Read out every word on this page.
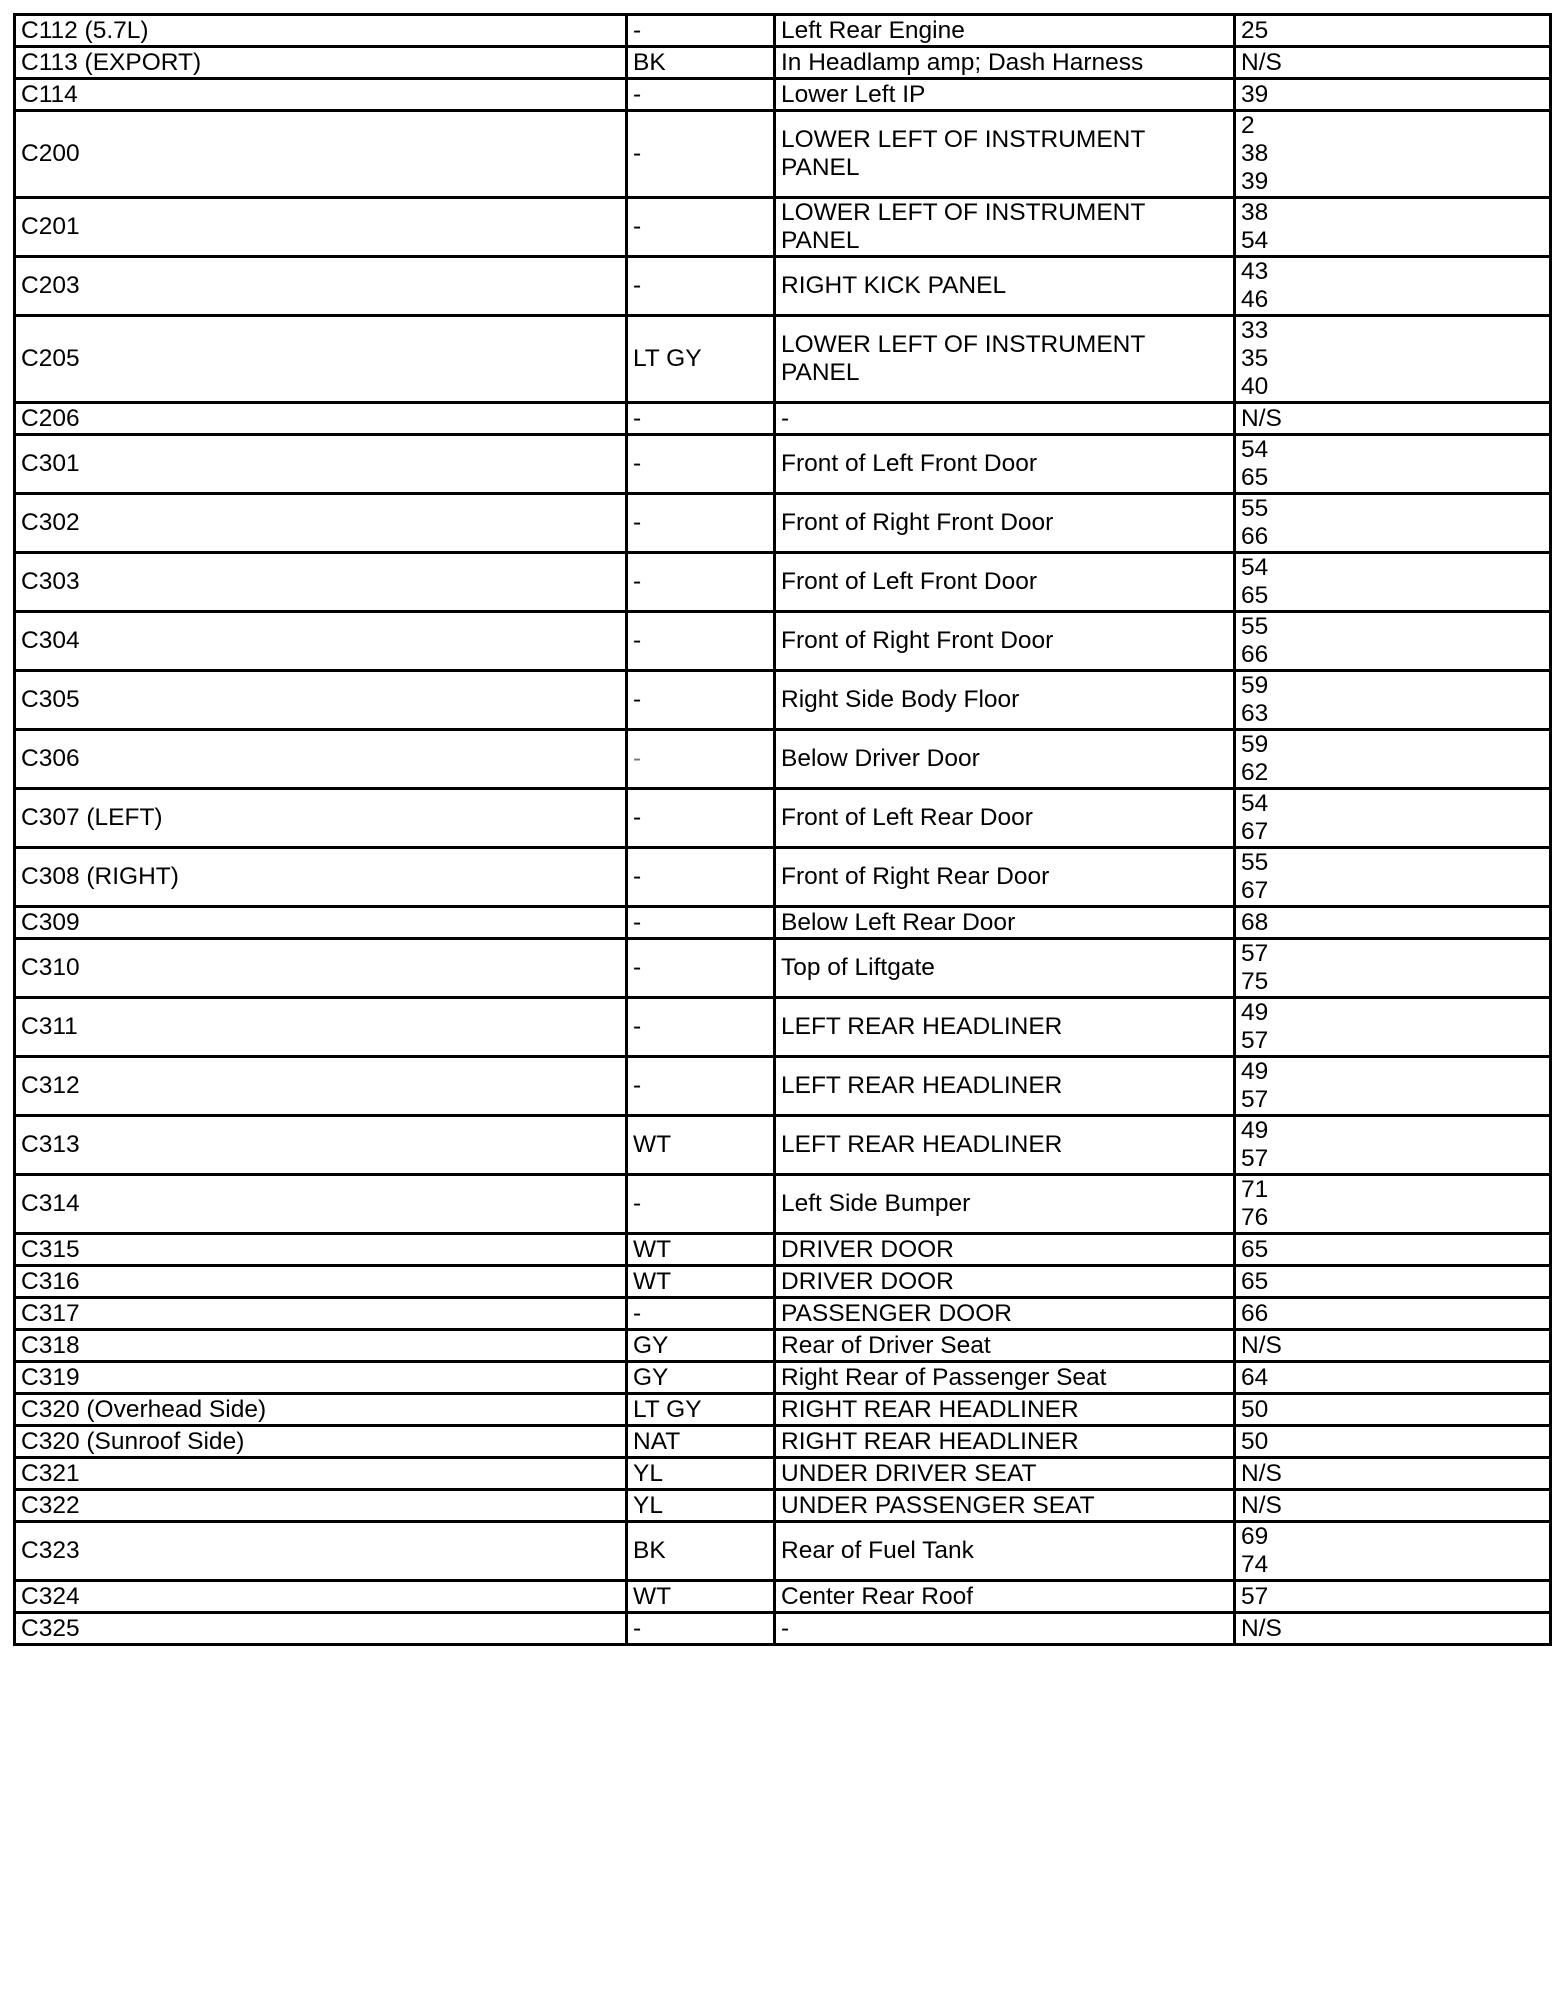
C112 (5.7L)	-	Left Rear Engine	25
C113 (EXPORT)	BK	In Headlamp amp; Dash Harness	N/S
C114	-	Lower Left IP	39
C200	-	LOWER LEFT OF INSTRUMENT PANEL	2
38
39
C201	-	LOWER LEFT OF INSTRUMENT PANEL	38
54
C203	-	RIGHT KICK PANEL	43
46
C205	LT GY	LOWER LEFT OF INSTRUMENT PANEL	33
35
40
C206	-	-	N/S
C301	-	Front of Left Front Door	54
65
C302	-	Front of Right Front Door	55
66
C303	-	Front of Left Front Door	54
65
C304	-	Front of Right Front Door	55
66
C305	-	Right Side Body Floor	59
63
C306	-	Below Driver Door	59
62
C307 (LEFT)	-	Front of Left Rear Door	54
67
C308 (RIGHT)	-	Front of Right Rear Door	55
67
C309	-	Below Left Rear Door	68
C310	-	Top of Liftgate	57
75
C311	-	LEFT REAR HEADLINER	49
57
C312	-	LEFT REAR HEADLINER	49
57
C313	WT	LEFT REAR HEADLINER	49
57
C314	-	Left Side Bumper	71
76
C315	WT	DRIVER DOOR	65
C316	WT	DRIVER DOOR	65
C317	-	PASSENGER DOOR	66
C318	GY	Rear of Driver Seat	N/S
C319	GY	Right Rear of Passenger Seat	64
C320 (Overhead Side)	LT GY	RIGHT REAR HEADLINER	50
C320 (Sunroof Side)	NAT	RIGHT REAR HEADLINER	50
C321	YL	UNDER DRIVER SEAT	N/S
C322	YL	UNDER PASSENGER SEAT	N/S
C323	BK	Rear of Fuel Tank	69
74
C324	WT	Center Rear Roof	57
C325	-	-	N/S
